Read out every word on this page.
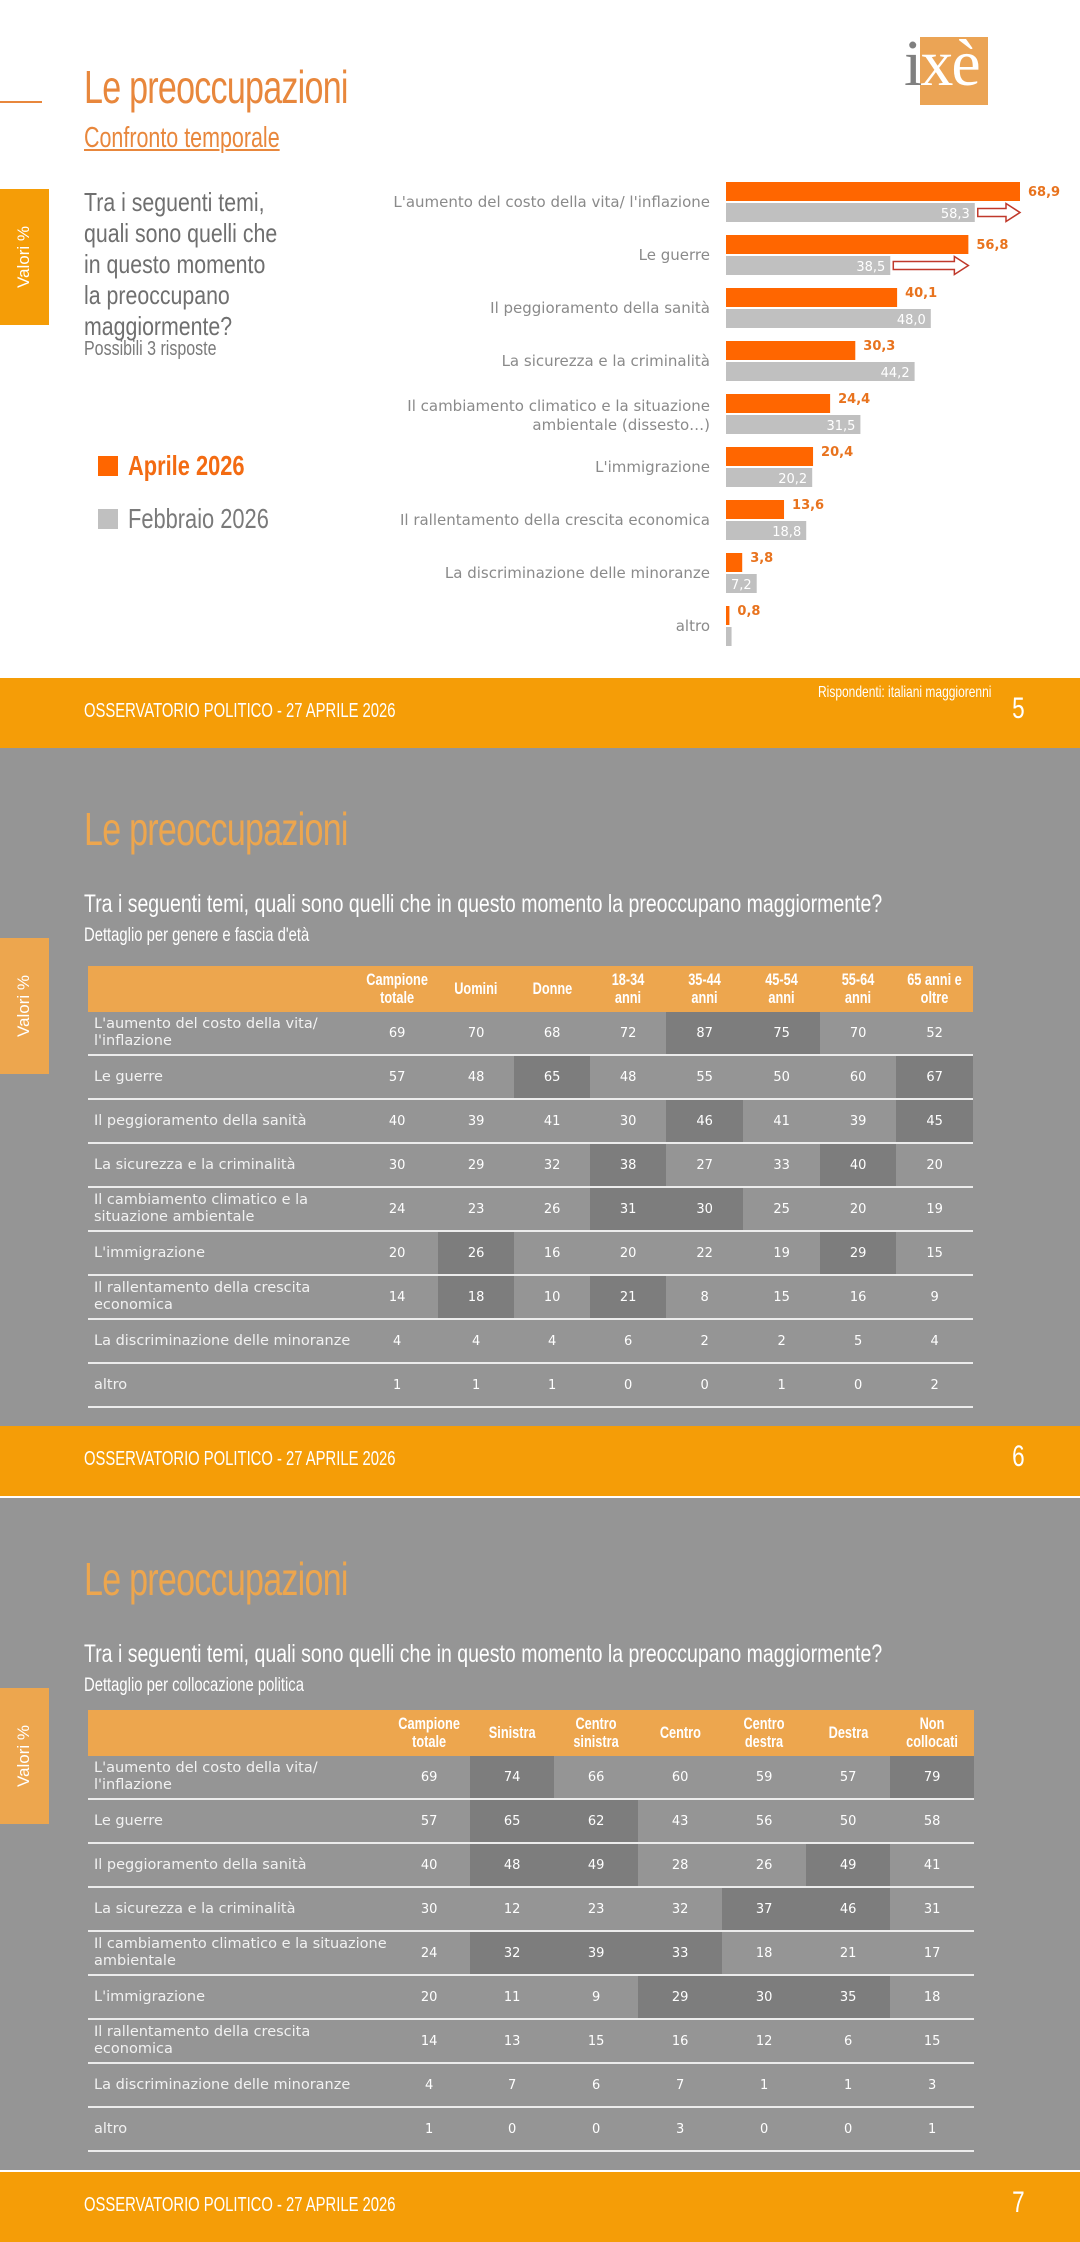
Le preoccupazioni
Confronto temporale
ixè
Valori %
Tra i seguenti temi, quali sono quelli che in questo momento la preoccupano maggiormente?
Possibili 3 risposte
Aprile 2026
Febbraio 2026
L'aumento del costo della vita/ l'inflazione
68,9
58,3
Le guerre
56,8
38,5
Il peggioramento della sanità
40,1
48,0
La sicurezza e la criminalità
30,3
44,2
Il cambiamento climatico e la situazione ambientale (dissesto…)
24,4
31,5
L'immigrazione
20,4
20,2
Il rallentamento della crescita economica
13,6
18,8
La discriminazione delle minoranze
3,8
7,2
altro
0,8
OSSERVATORIO POLITICO - 27 APRILE 2026
Rispondenti: italiani maggiorenni 5
Le preoccupazioni
Tra i seguenti temi, quali sono quelli che in questo momento la preoccupano maggiormente?
Dettaglio per genere e fascia d'età
Valori %
		Campione totale	Uomini	Donne	18-34 anni	35-44 anni	45-54 anni	55-64 anni	65 anni e oltre
L'aumento del costo della vita/ l'inflazione	69	70	68	72	87	75	70	52
Le guerre	57	48	65	48	55	50	60	67
Il peggioramento della sanità	40	39	41	30	46	41	39	45
La sicurezza e la criminalità	30	29	32	38	27	33	40	20
Il cambiamento climatico e la situazione ambientale	24	23	26	31	30	25	20	19
L'immigrazione	20	26	16	20	22	19	29	15
Il rallentamento della crescita economica	14	18	10	21	8	15	16	9
La discriminazione delle minoranze	4	4	4	6	2	2	5	4
altro	1	1	1	0	0	1	0	2
OSSERVATORIO POLITICO - 27 APRILE 2026	6
Le preoccupazioni
Tra i seguenti temi, quali sono quelli che in questo momento la preoccupano maggiormente?
Dettaglio per collocazione politica
Valori %
	Campione totale	Sinistra	Centro sinistra	Centro	Centro destra	Destra	Non collocati
L'aumento del costo della vita/ l'inflazione	69	74	66	60	59	57	79
Le guerre	57	65	62	43	56	50	58
Il peggioramento della sanità	40	48	49	28	26	49	41
La sicurezza e la criminalità	30	12	23	32	37	46	31
Il cambiamento climatico e la situazione ambientale	24	32	39	33	18	21	17
L'immigrazione	20	11	9	29	30	35	18
Il rallentamento della crescita economica	14	13	15	16	12	6	15
La discriminazione delle minoranze	4	7	6	7	1	1	3
altro	1	0	0	3	0	0	1
OSSERVATORIO POLITICO - 27 APRILE 2026	7
